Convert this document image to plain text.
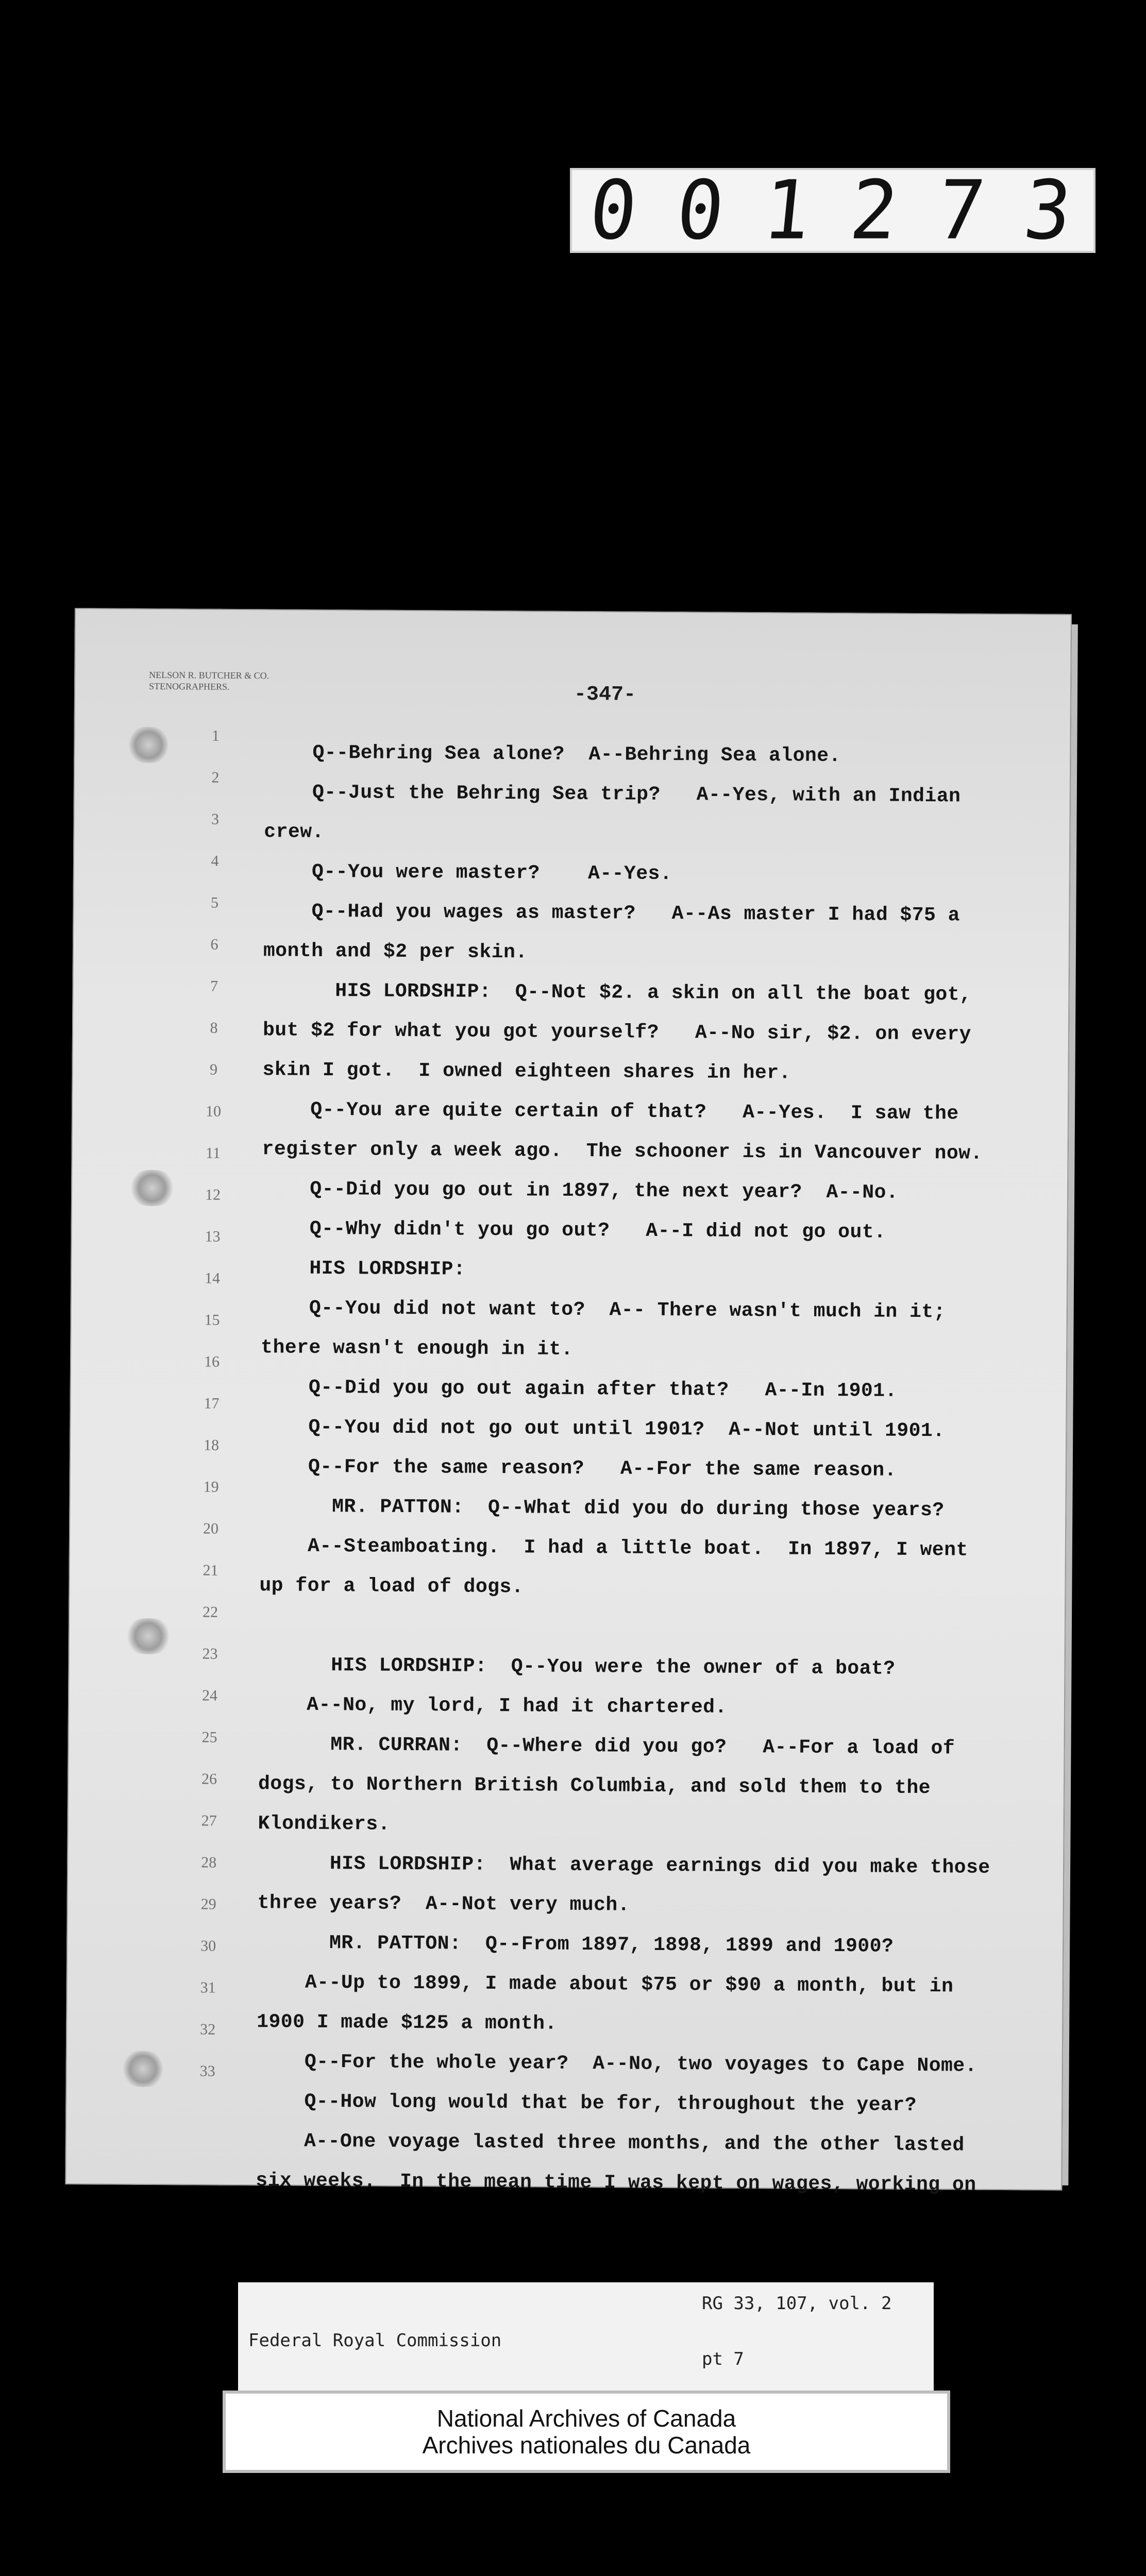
0 0 1 2 7 3
NELSON R. BUTCHER & CO.
STENOGRAPHERS.	-347-
1
2
3
4
5
6
7
8
9
10
11
12
13
14
15
16
17
18
19
20
21
22
23
24
25
26
27
28
29
30
31
32
33
Q--Behring Sea alone?  A--Behring Sea alone.
Q--Just the Behring Sea trip?   A--Yes, with an Indian
crew.
Q--You were master?    A--Yes.
Q--Had you wages as master?   A--As master I had $75 a
month and $2 per skin.
HIS LORDSHIP:  Q--Not $2. a skin on all the boat got,
but $2 for what you got yourself?   A--No sir, $2. on every
skin I got.  I owned eighteen shares in her.
Q--You are quite certain of that?   A--Yes.  I saw the
register only a week ago.  The schooner is in Vancouver now.
Q--Did you go out in 1897, the next year?  A--No.
Q--Why didn't you go out?   A--I did not go out.
HIS LORDSHIP:
Q--You did not want to?  A-- There wasn't much in it;
there wasn't enough in it.
Q--Did you go out again after that?   A--In 1901.
Q--You did not go out until 1901?  A--Not until 1901.
Q--For the same reason?   A--For the same reason.
MR. PATTON:  Q--What did you do during those years?
A--Steamboating.  I had a little boat.  In 1897, I went
up for a load of dogs.
HIS LORDSHIP:  Q--You were the owner of a boat?
A--No, my lord, I had it chartered.
MR. CURRAN:  Q--Where did you go?   A--For a load of
dogs, to Northern British Columbia, and sold them to the
Klondikers.
HIS LORDSHIP:  What average earnings did you make those
three years?  A--Not very much.
MR. PATTON:  Q--From 1897, 1898, 1899 and 1900?
A--Up to 1899, I made about $75 or $90 a month, but in
1900 I made $125 a month.
Q--For the whole year?  A--No, two voyages to Cape Nome.
Q--How long would that be for, throughout the year?
A--One voyage lasted three months, and the other lasted
six weeks.  In the mean time I was kept on wages, working on

Federal Royal Commission

RG 33, 107, vol. 2
pt 7
National Archives of Canada
Archives nationales du Canada
